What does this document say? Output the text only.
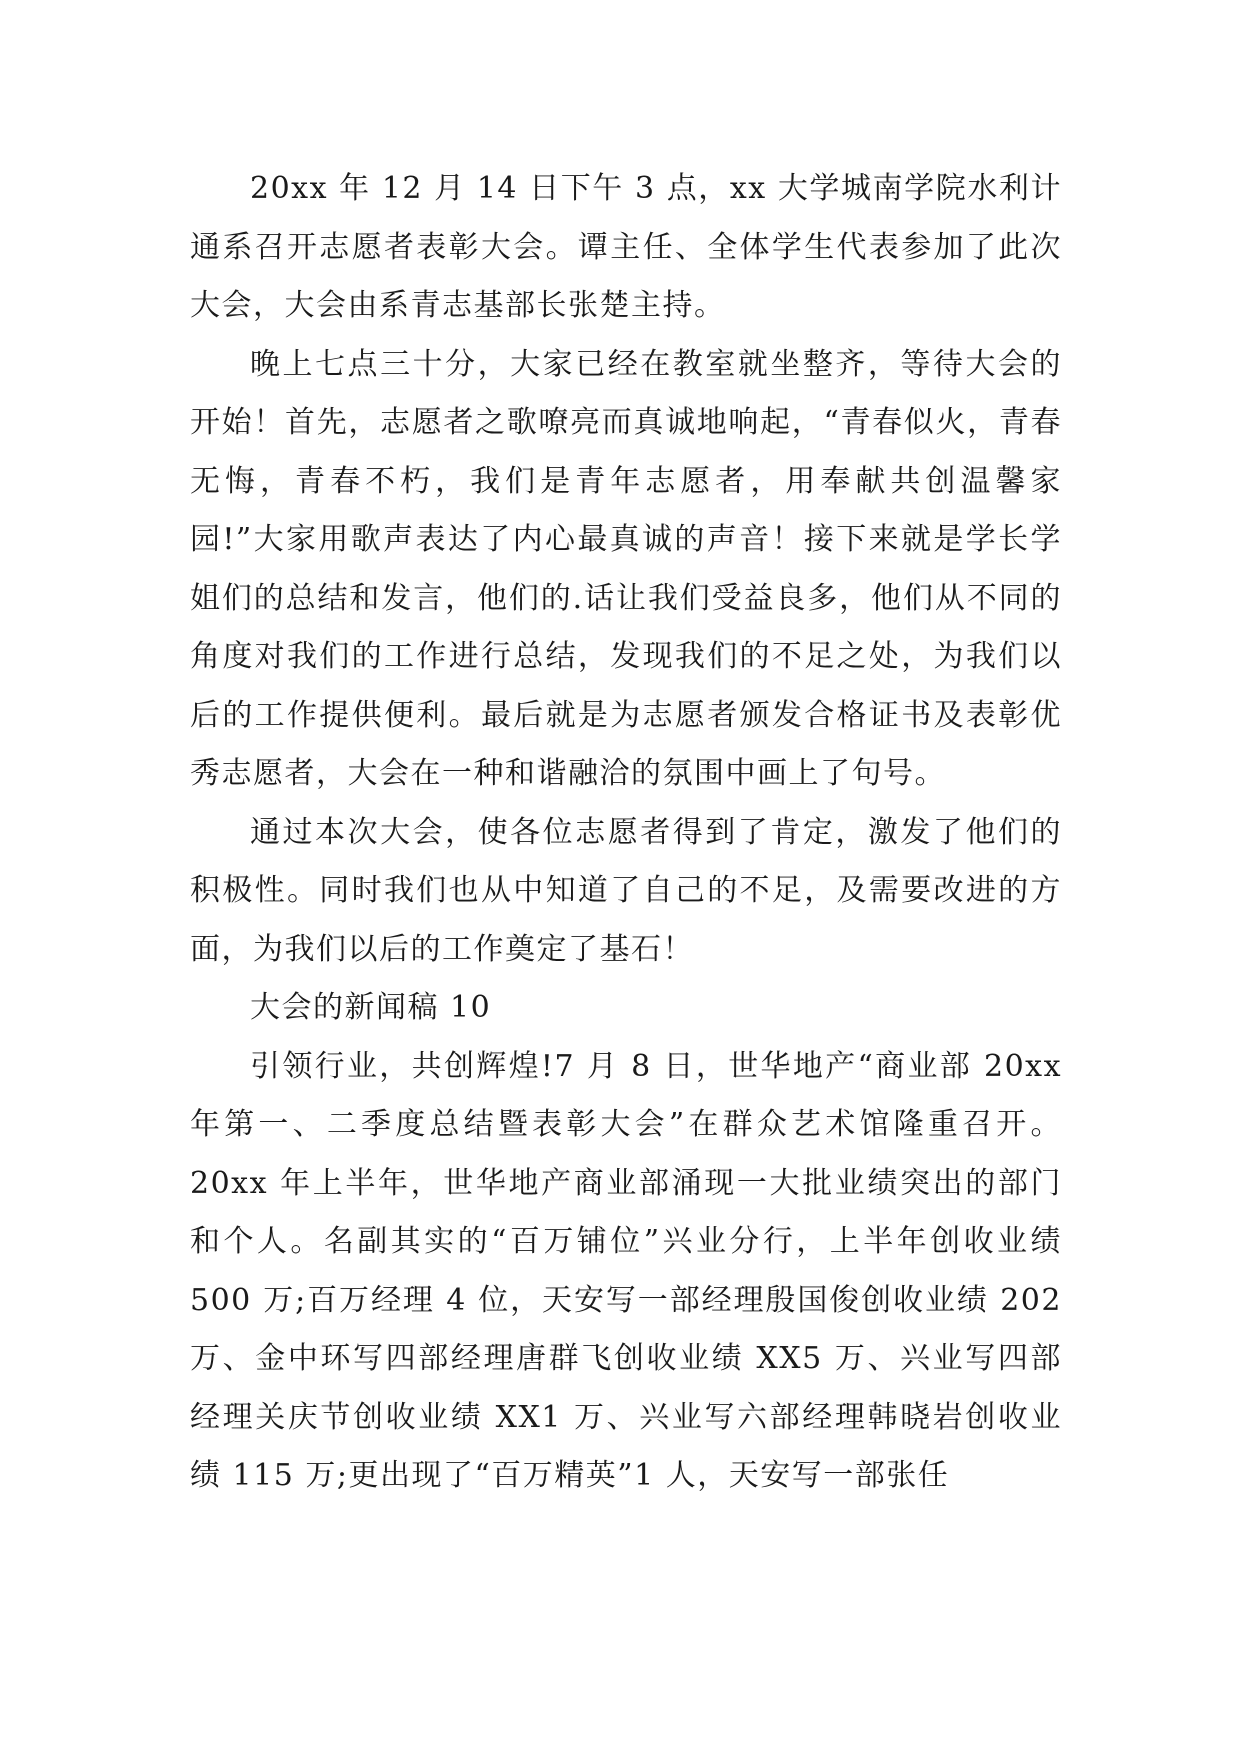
20xx 年 12 月 14 日下午 3 点，xx 大学城南学院水利计通系召开志愿者表彰大会。谭主任、全体学生代表参加了此次大会，大会由系青志基部长张楚主持。

晚上七点三十分，大家已经在教室就坐整齐，等待大会的开始！首先，志愿者之歌嘹亮而真诚地响起，“青春似火，青春无悔，青春不朽，我们是青年志愿者，用奉献共创温馨家园!”大家用歌声表达了内心最真诚的声音！接下来就是学长学姐们的总结和发言，他们的.话让我们受益良多，他们从不同的角度对我们的工作进行总结，发现我们的不足之处，为我们以后的工作提供便利。最后就是为志愿者颁发合格证书及表彰优秀志愿者，大会在一种和谐融洽的氛围中画上了句号。

通过本次大会，使各位志愿者得到了肯定，激发了他们的积极性。同时我们也从中知道了自己的不足，及需要改进的方面，为我们以后的工作奠定了基石！

大会的新闻稿 10

引领行业，共创辉煌!7 月 8 日，世华地产“商业部 20xx 年第一、二季度总结暨表彰大会”在群众艺术馆隆重召开。20xx 年上半年，世华地产商业部涌现一大批业绩突出的部门和个人。名副其实的“百万铺位”兴业分行，上半年创收业绩 500 万;百万经理 4 位，天安写一部经理殷国俊创收业绩 202 万、金中环写四部经理唐群飞创收业绩 XX5 万、兴业写四部经理关庆节创收业绩 XX1 万、兴业写六部经理韩晓岩创收业绩 115 万;更出现了“百万精英”1 人，天安写一部张任
